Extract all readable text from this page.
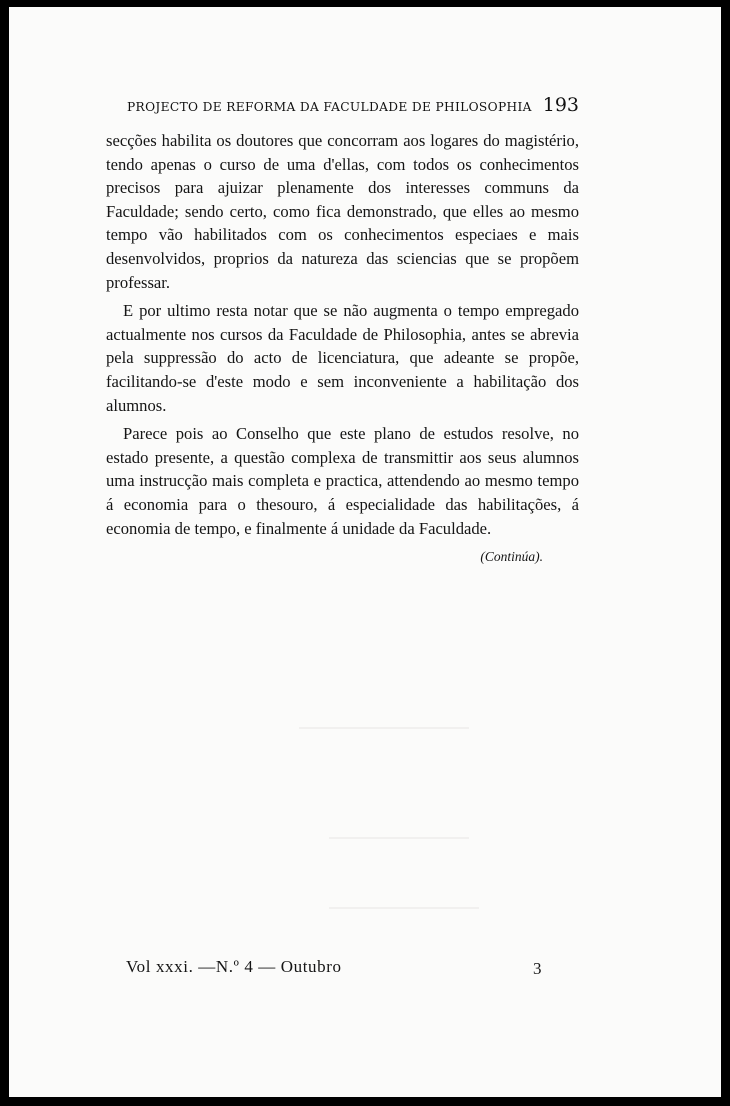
PROJECTO DE REFORMA DA FACULDADE DE PHILOSOPHIA 193

secções habilita os doutores que concorram aos logares do magistério, tendo apenas o curso de uma d'ellas, com todos os conhecimentos precisos para ajuizar plenamente dos interesses communs da Faculdade; sendo certo, como fica demonstrado, que elles ao mesmo tempo vão habilitados com os conhecimentos especiaes e mais desenvolvidos, proprios da natureza das sciencias que se propõem professar.

E por ultimo resta notar que se não augmenta o tempo empregado actualmente nos cursos da Faculdade de Philosophia, antes se abrevia pela suppressão do acto de licenciatura, que adeante se propõe, facilitando-se d'este modo e sem inconveniente a habilitação dos alumnos.

Parece pois ao Conselho que este plano de estudos resolve, no estado presente, a questão complexa de transmittir aos seus alumnos uma instrucção mais completa e practica, attendendo ao mesmo tempo á economia para o thesouro, á especialidade das habilitações, á economia de tempo, e finalmente á unidade da Faculdade.

(Continúa).
Vol xxxi. —N.º 4 — Outubro	3
